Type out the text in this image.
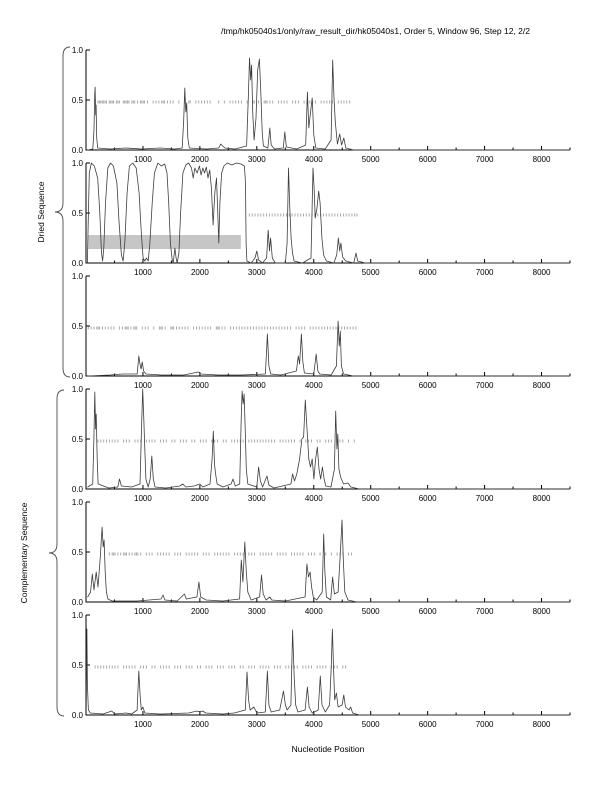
/tmp/hk05040s1/only/raw_result_dir/hk05040s1, Order 5, Window 96, Step 12, 2/2
Dried Sequence
Complementary Sequence
0.0
0.5
1.0
1000	2000	3000	4000	5000	6000	7000	8000
0.0
0.5
1.0
1000	2000	3000	4000	5000	6000	7000	8000
0.0
0.5
1.0
1000	2000	3000	4000	5000	6000	7000	8000
0.0
0.5
1.0
1000	2000	3000	4000	5000	6000	7000	8000
0.0
0.5
1.0
1000	2000	3000	4000	5000	6000	7000	8000
0.0
0.5
1.0
1000	2000	3000	4000	5000	6000	7000	8000
Nucleotide Position
